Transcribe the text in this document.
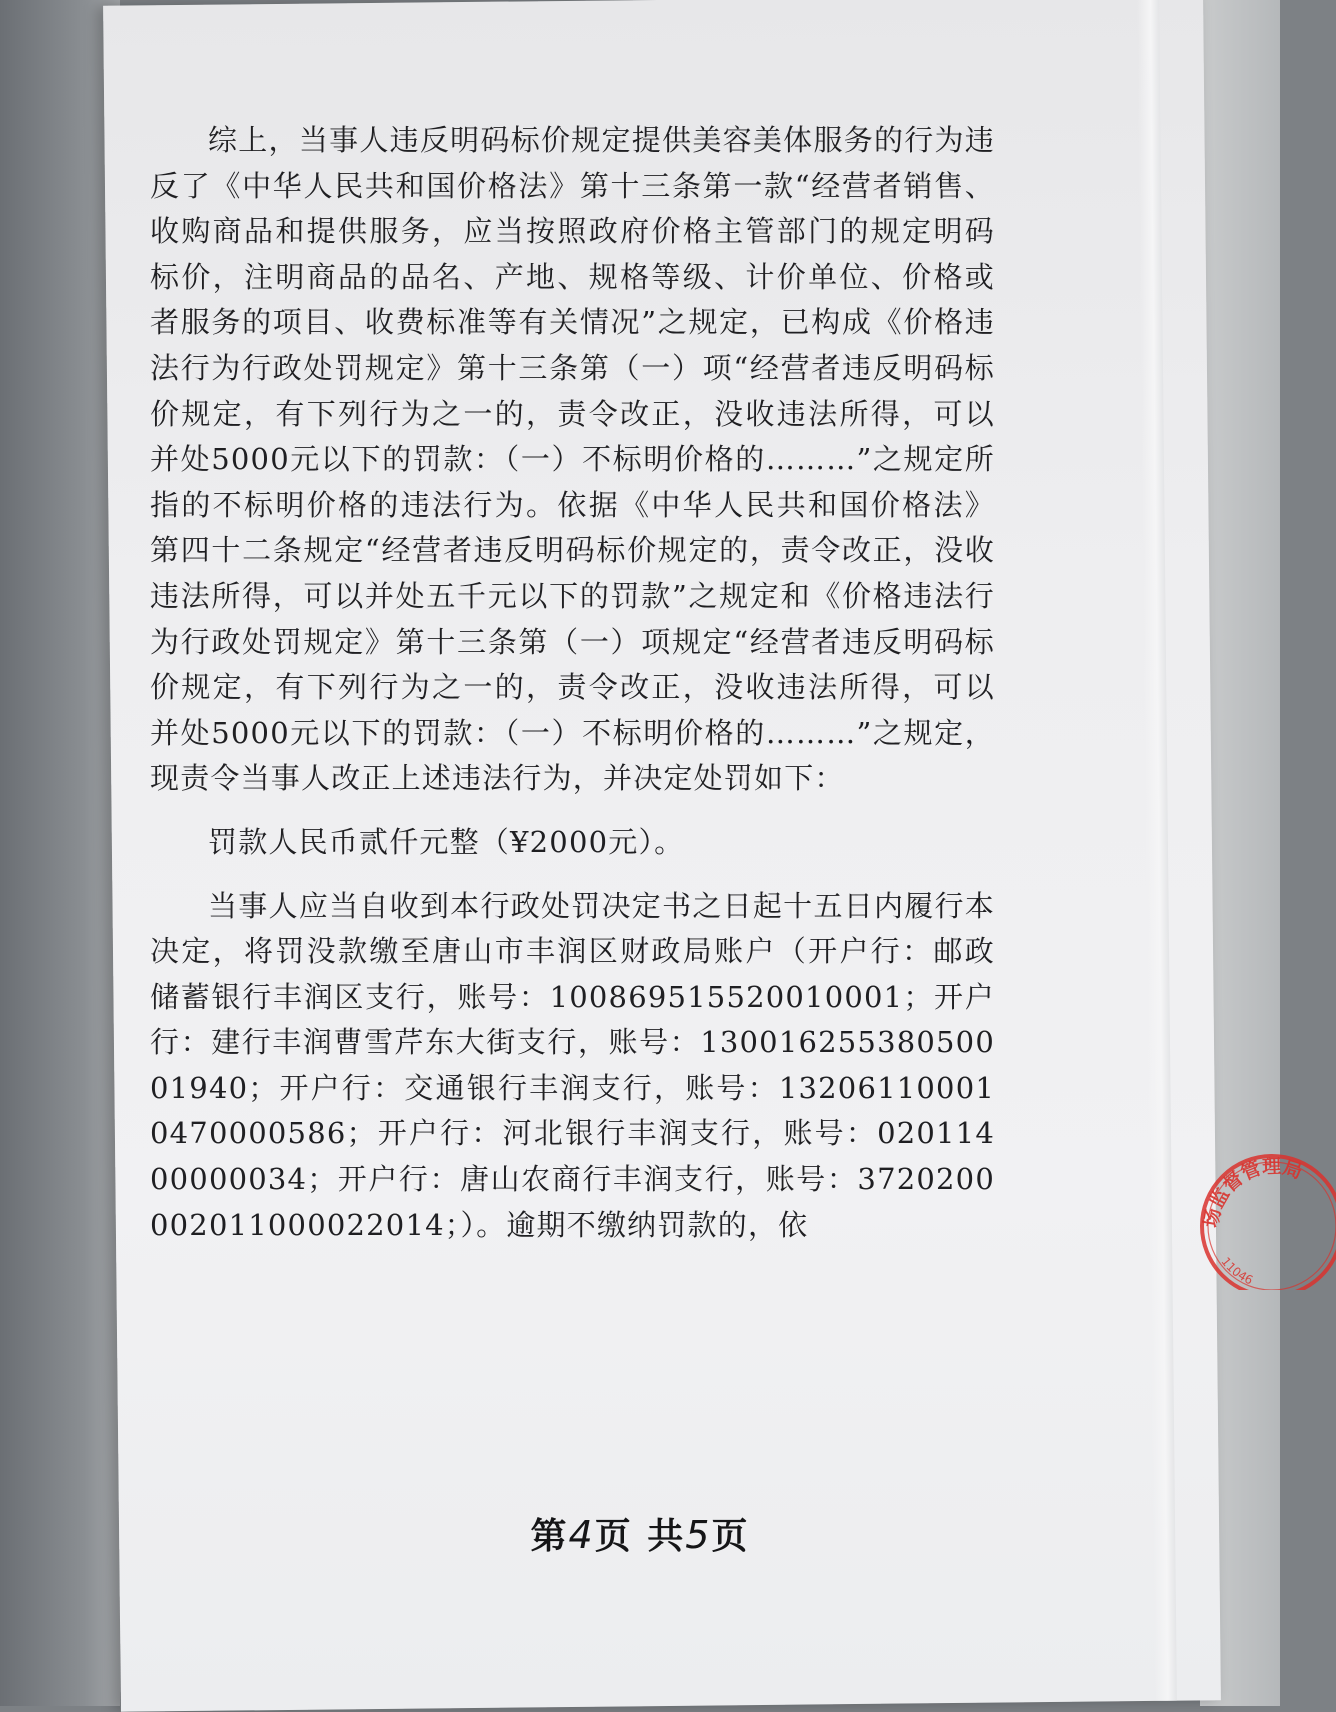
综上，当事人违反明码标价规定提供美容美体服务的行为违反了《中华人民共和国价格法》第十三条第一款“经营者销售、收购商品和提供服务，应当按照政府价格主管部门的规定明码标价，注明商品的品名、产地、规格等级、计价单位、价格或者服务的项目、收费标准等有关情况”之规定，已构成《价格违法行为行政处罚规定》第十三条第（一）项“经营者违反明码标价规定，有下列行为之一的，责令改正，没收违法所得，可以并处5000元以下的罚款：（一）不标明价格的………”之规定所指的不标明价格的违法行为。依据《中华人民共和国价格法》第四十二条规定“经营者违反明码标价规定的，责令改正，没收违法所得，可以并处五千元以下的罚款”之规定和《价格违法行为行政处罚规定》第十三条第（一）项规定“经营者违反明码标价规定，有下列行为之一的，责令改正，没收违法所得，可以并处5000元以下的罚款：（一）不标明价格的………”之规定，现责令当事人改正上述违法行为，并决定处罚如下：

罚款人民币贰仟元整（¥2000元）。

当事人应当自收到本行政处罚决定书之日起十五日内履行本决定，将罚没款缴至唐山市丰润区财政局账户（开户行：邮政储蓄银行丰润区支行，账号：100869515520010001；开户行：建行丰润曹雪芹东大街支行，账号：13001625538050001940；开户行：交通银行丰润支行，账号：132061100010470000586；开户行：河北银行丰润支行，账号：02011400000034；开户行：唐山农商行丰润支行，账号：37202000020110000220​14；）。逾期不缴纳罚款的，依

第4页 共5页
场监督管理局
11046
